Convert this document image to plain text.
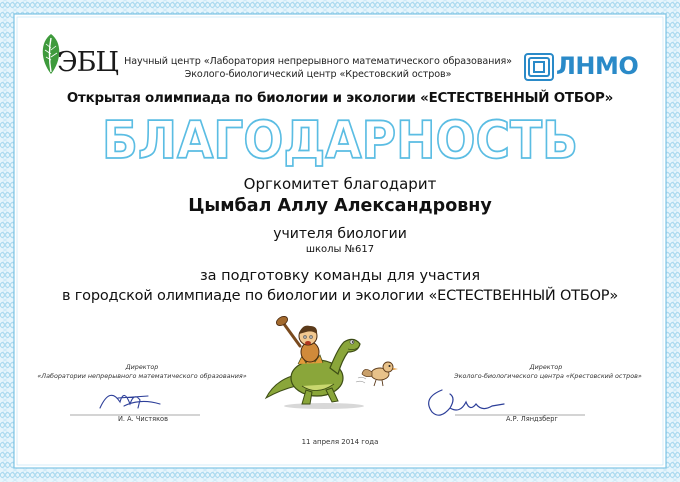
ЭБЦ Научный центр «Лаборатория непрерывного математического образования»
Эколого-биологический центр «Крестовский остров»	ЛНМО
Открытая олимпиада по биологии и экологии «ЕСТЕСТВЕННЫЙ ОТБОР»
БЛАГОДАРНОСТЬ
Оргкомитет благодарит
Цымбал Аллу Александровну
учителя биологии
школы №617
за подготовку команды для участия
в городской олимпиаде по биологии и экологии «ЕСТЕСТВЕННЫЙ ОТБОР»
Директор
«Лаборатории непрерывного математического образования»
И. А. Чистяков
Директор
Эколого-биологического центра «Крестовский остров»
А.Р. Ляндзберг
11 апреля 2014 года
